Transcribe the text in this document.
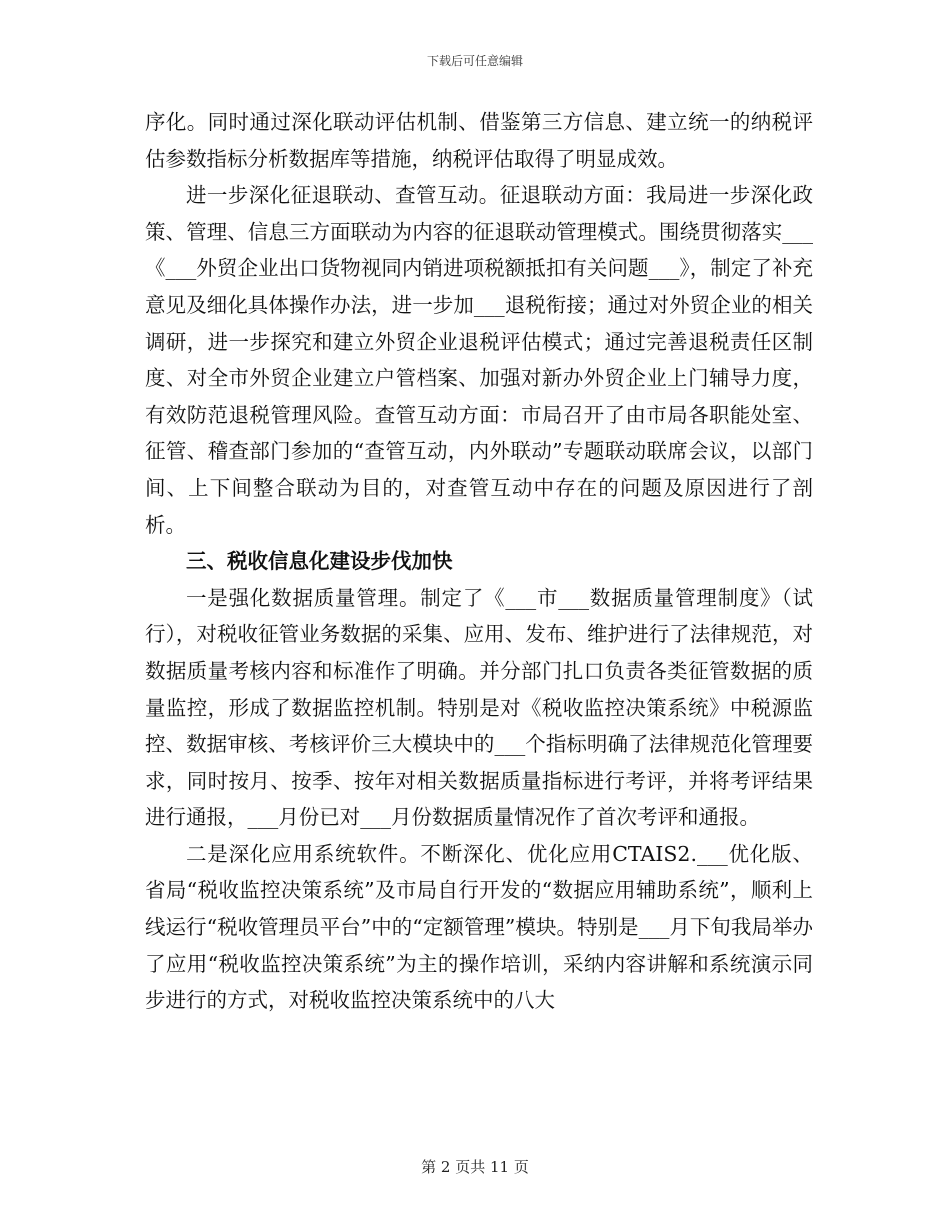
下载后可任意编辑

序化。同时通过深化联动评估机制、借鉴第三方信息、建立统一的纳税评估参数指标分析数据库等措施，纳税评估取得了明显成效。

进一步深化征退联动、查管互动。征退联动方面：我局进一步深化政策、管理、信息三方面联动为内容的征退联动管理模式。围绕贯彻落实___《___外贸企业出口货物视同内销进项税额抵扣有关问题___》，制定了补充意见及细化具体操作办法，进一步加___退税衔接；通过对外贸企业的相关调研，进一步探究和建立外贸企业退税评估模式；通过完善退税责任区制度、对全市外贸企业建立户管档案、加强对新办外贸企业上门辅导力度，有效防范退税管理风险。查管互动方面：市局召开了由市局各职能处室、征管、稽查部门参加的“查管互动，内外联动”专题联动联席会议，以部门间、上下间整合联动为目的，对查管互动中存在的问题及原因进行了剖析。

三、税收信息化建设步伐加快

一是强化数据质量管理。制定了《___市___数据质量管理制度》（试行），对税收征管业务数据的采集、应用、发布、维护进行了法律规范，对数据质量考核内容和标准作了明确。并分部门扎口负责各类征管数据的质量监控，形成了数据监控机制。特别是对《税收监控决策系统》中税源监控、数据审核、考核评价三大模块中的___个指标明确了法律规范化管理要求，同时按月、按季、按年对相关数据质量指标进行考评，并将考评结果进行通报，___月份已对___月份数据质量情况作了首次考评和通报。

二是深化应用系统软件。不断深化、优化应用CTAIS2.___优化版、省局“税收监控决策系统”及市局自行开发的“数据应用辅助系统”，顺利上线运行“税收管理员平台”中的“定额管理”模块。特别是___月下旬我局举办了应用“税收监控决策系统”为主的操作培训，采纳内容讲解和系统演示同步进行的方式，对税收监控决策系统中的八大

第 2 页共 11 页
